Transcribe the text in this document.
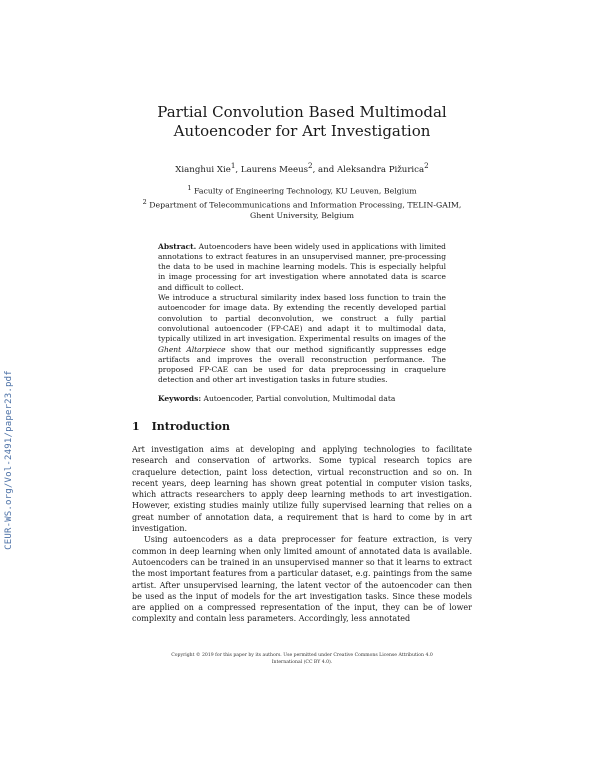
CEUR-WS.org/Vol-2491/paper23.pdf
Partial Convolution Based Multimodal
Autoencoder for Art Investigation
Xianghui Xie$^1$, Laurens Meeus$^2$, and Aleksandra Pižurica$^2$
$^1$ Faculty of Engineering Technology, KU Leuven, Belgium
$^2$ Department of Telecommunications and Information Processing, TELIN-GAIM,
Ghent University, Belgium

Abstract. Autoencoders have been widely used in applications with limited annotations to extract features in an unsupervised manner, pre-processing the data to be used in machine learning models. This is especially helpful in image processing for art investigation where annotated data is scarce and difficult to collect.

We introduce a structural similarity index based loss function to train the autoencoder for image data. By extending the recently developed partial convolution to partial deconvolution, we construct a fully partial convolutional autoencoder (FP-CAE) and adapt it to multimodal data, typically utilized in art invesigation. Experimental results on images of the Ghent Altarpiece show that our method significantly suppresses edge artifacts and improves the overall reconstruction performance. The proposed FP-CAE can be used for data preprocessing in craquelure detection and other art investigation tasks in future studies.

Keywords: Autoencoder, Partial convolution, Multimodal data

1 Introduction

Art investigation aims at developing and applying technologies to facilitate research and conservation of artworks. Some typical research topics are craquelure detection, paint loss detection, virtual reconstruction and so on. In recent years, deep learning has shown great potential in computer vision tasks, which attracts researchers to apply deep learning methods to art investigation. However, existing studies mainly utilize fully supervised learning that relies on a great number of annotation data, a requirement that is hard to come by in art investigation.

Using autoencoders as a data preprocesser for feature extraction, is very common in deep learning when only limited amount of annotated data is available. Autoencoders can be trained in an unsupervised manner so that it learns to extract the most important features from a particular dataset, e.g. paintings from the same artist. After unsupervised learning, the latent vector of the autoencoder can then be used as the input of models for the art investigation tasks. Since these models are applied on a compressed representation of the input, they can be of lower complexity and contain less parameters. Accordingly, less annotated

Copyright © 2019 for this paper by its authors. Use permitted under Creative Commons License Attribution 4.0
International (CC BY 4.0).
